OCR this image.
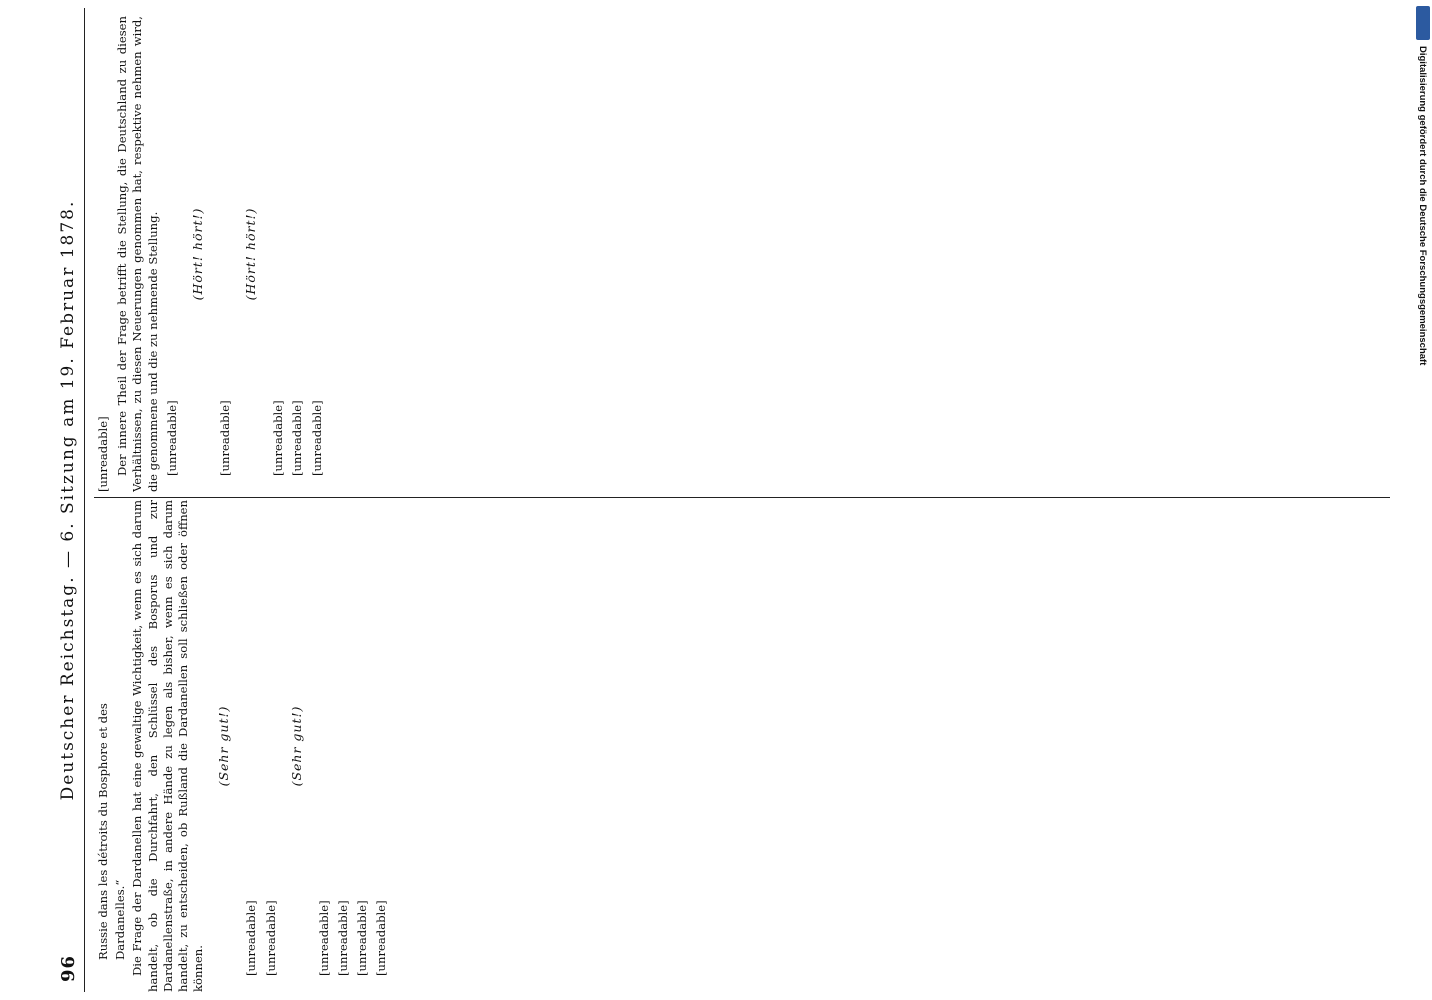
96
Deutscher Reichstag. — 6. Sitzung am 19. Februar 1878.
Russie dans les détroits du Bosphore et des Dardanelles.“ Die Frage der Dardanellen hat eine gewaltige Wichtigkeit, wenn es sich darum handelt, ob die Durchfahrt, den Schlüssel des Bosporus und zur Dardanellenstraße, in andere Hände zu legen als bisher, wenn es sich darum handelt, zu entscheiden, ob Rußland die Dardanellen soll schließen oder öffnen können.

(Sehr gut!)

[unreadable] [unreadable]

(Sehr gut!)

[unreadable] [unreadable] [unreadable] [unreadable]

[unreadable] Der innere Theil der Frage betrifft die Stellung, die Deutschland zu diesen Verhältnissen, zu diesen Neuerungen genommen hat, respektive nehmen wird, die genommene und die zu nehmende Stellung. [unreadable]

(Hört! hört!)

[unreadable]

(Hört! hört!)

[unreadable] [unreadable] [unreadable]

Digitalisierung gefördert durch die Deutsche Forschungsgemeinschaft
